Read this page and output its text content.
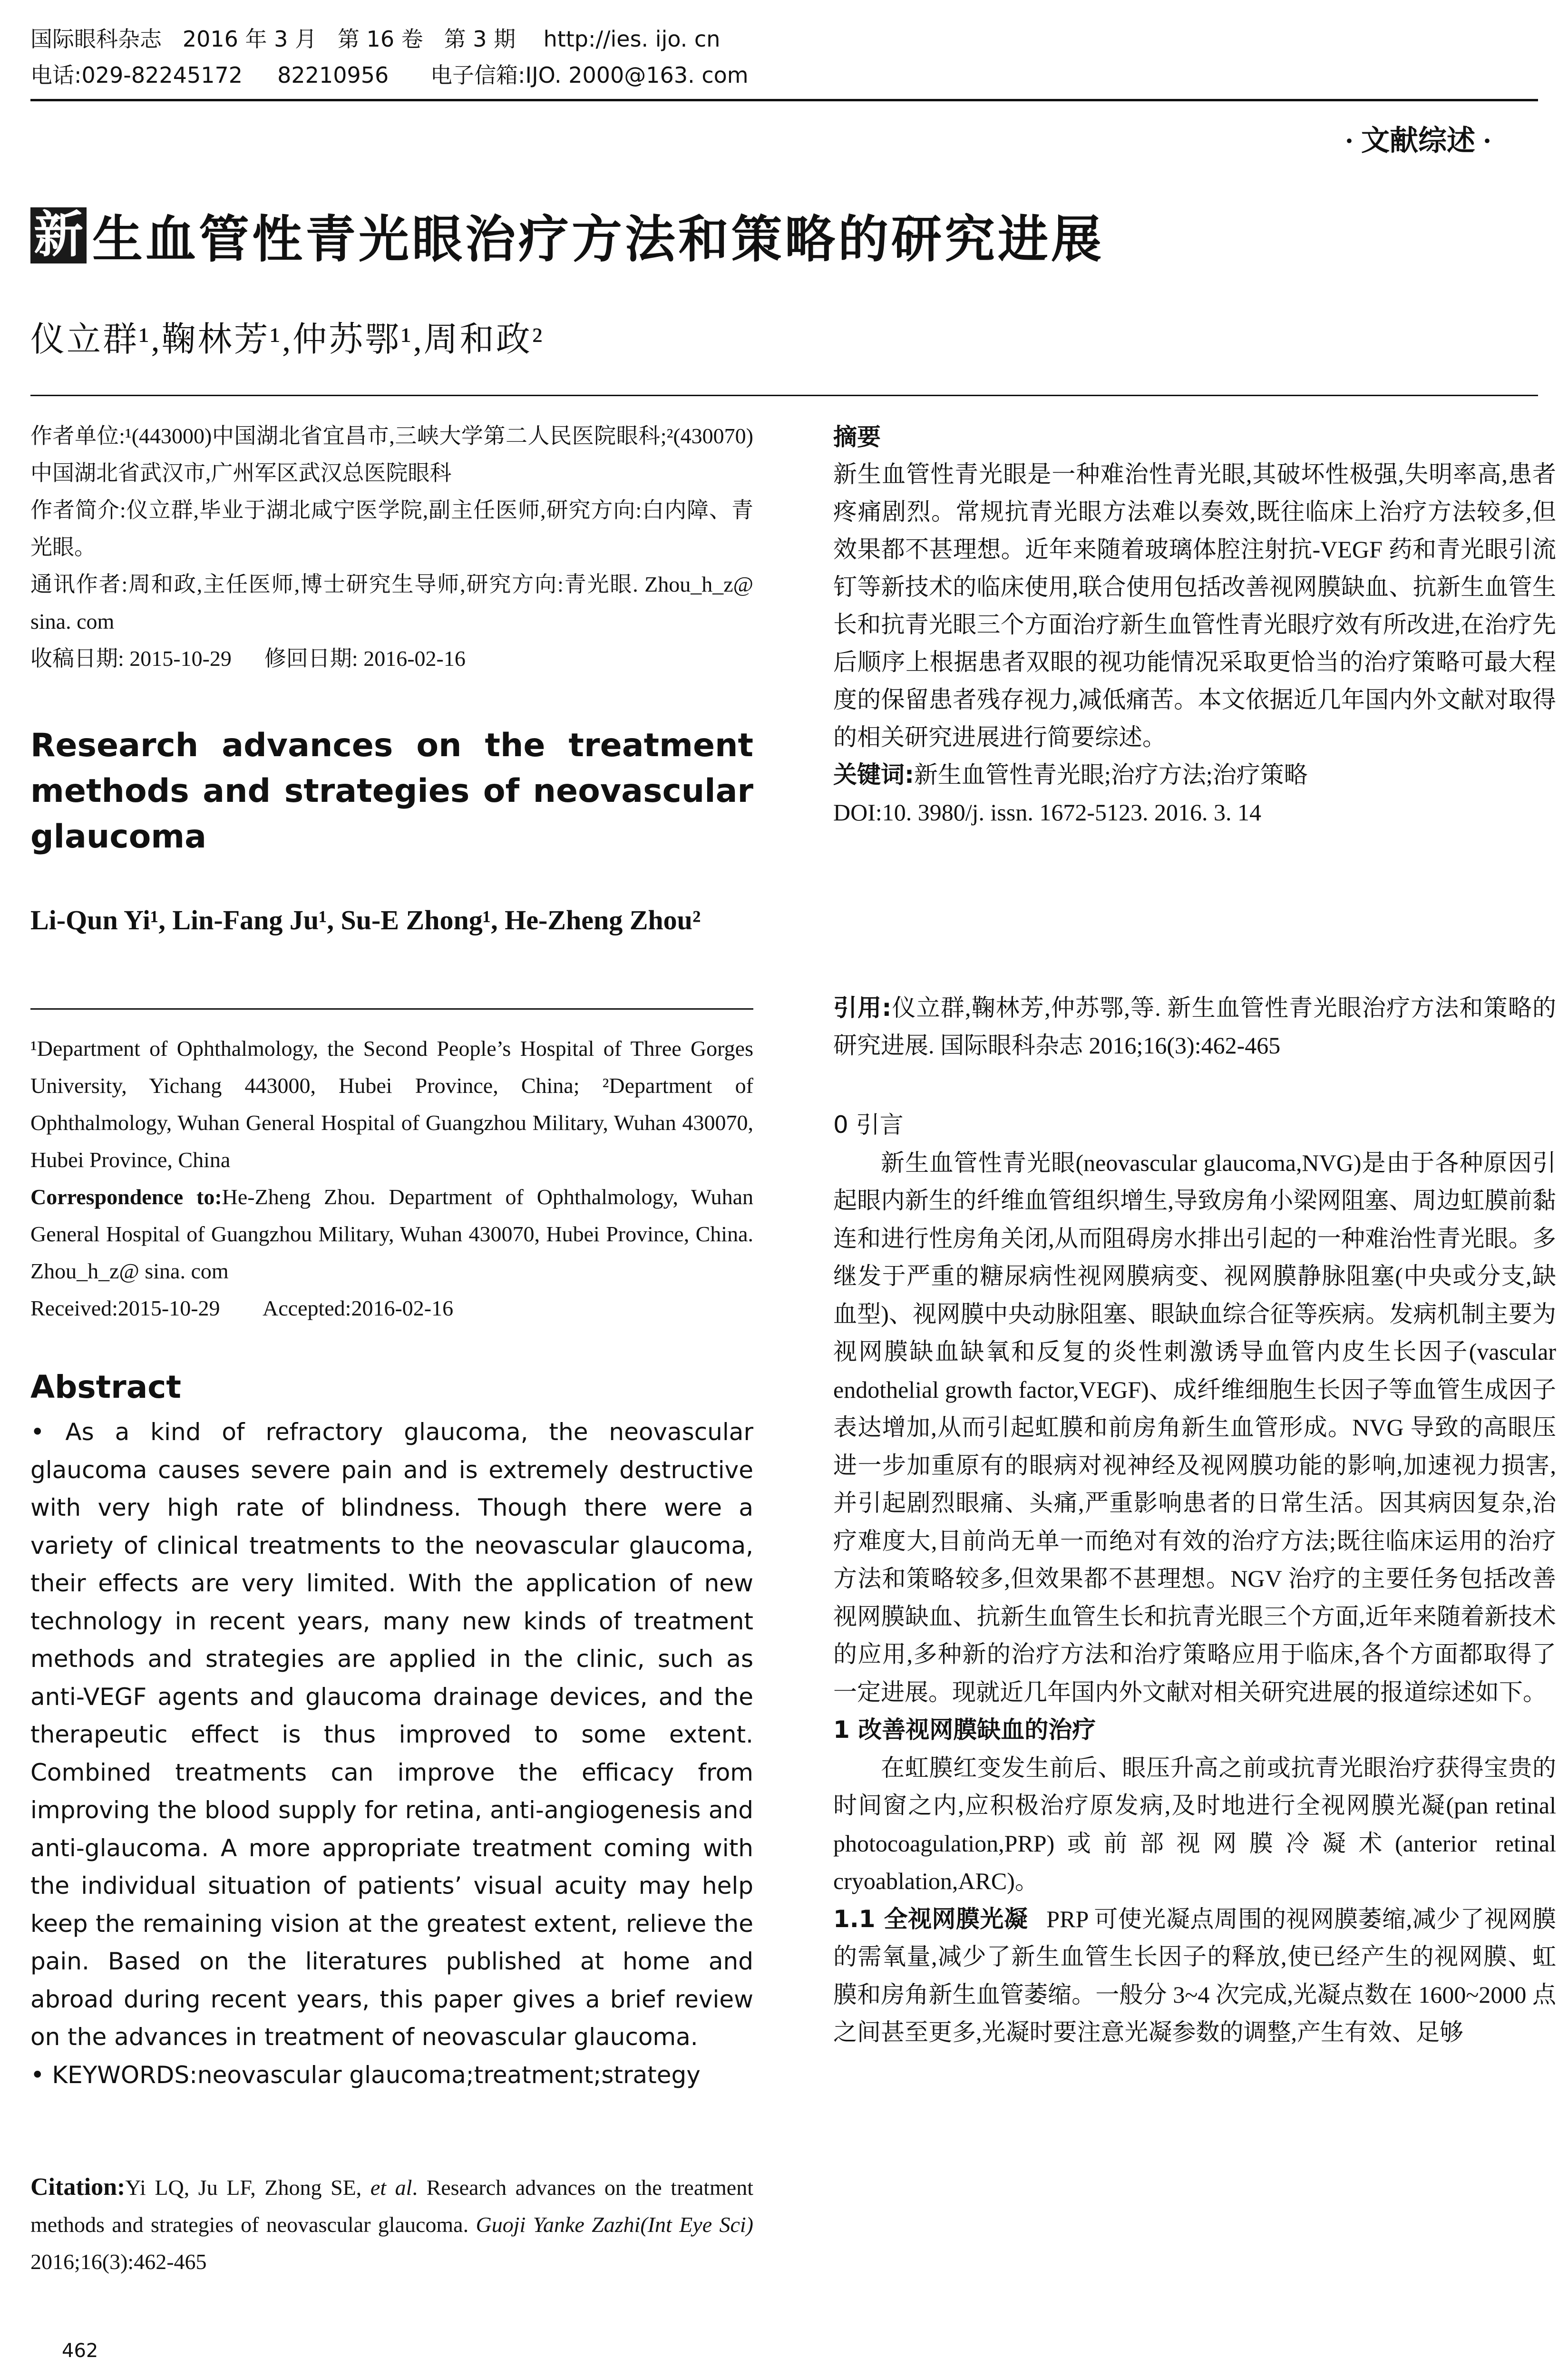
国际眼科杂志   2016 年 3 月   第 16 卷   第 3 期    http://ies. ijo. cn
电话:029-82245172     82210956      电子信箱:IJO. 2000@163. com
· 文献综述 ·
新 生血管性青光眼治疗方法和策略的研究进展
仪立群¹,鞠林芳¹,仲苏鄂¹,周和政²

作者单位:¹(443000)中国湖北省宜昌市,三峡大学第二人民医院眼科;²(430070)中国湖北省武汉市,广州军区武汉总医院眼科

作者简介:仪立群,毕业于湖北咸宁医学院,副主任医师,研究方向:白内障、青光眼。

通讯作者:周和政,主任医师,博士研究生导师,研究方向:青光眼. Zhou_h_z@ sina. com

收稿日期: 2015-10-29      修回日期: 2016-02-16

Research advances on the treatment methods and strategies of neovascular glaucoma
Li-Qun Yi¹, Lin-Fang Ju¹, Su-E Zhong¹, He-Zheng Zhou²
¹Department of Ophthalmology, the Second People’s Hospital of Three Gorges University, Yichang 443000, Hubei Province, China; ²Department of Ophthalmology, Wuhan General Hospital of Guangzhou Military, Wuhan 430070, Hubei Province, China
Correspondence to:He-Zheng Zhou. Department of Ophthalmology, Wuhan General Hospital of Guangzhou Military, Wuhan 430070, Hubei Province, China. Zhou_h_z@ sina. com
Received:2015-10-29        Accepted:2016-02-16
Abstract
• As a kind of refractory glaucoma, the neovascular glaucoma causes severe pain and is extremely destructive with very high rate of blindness. Though there were a variety of clinical treatments to the neovascular glaucoma, their effects are very limited. With the application of new technology in recent years, many new kinds of treatment methods and strategies are applied in the clinic, such as anti-VEGF agents and glaucoma drainage devices, and the therapeutic effect is thus improved to some extent. Combined treatments can improve the efficacy from improving the blood supply for retina, anti-angiogenesis and anti-glaucoma. A more appropriate treatment coming with the individual situation of patients’ visual acuity may help keep the remaining vision at the greatest extent, relieve the pain. Based on the literatures published at home and abroad during recent years, this paper gives a brief review on the advances in treatment of neovascular glaucoma.
• KEYWORDS:neovascular glaucoma;treatment;strategy
Citation:Yi LQ, Ju LF, Zhong SE, et al. Research advances on the treatment methods and strategies of neovascular glaucoma. Guoji Yanke Zazhi(Int Eye Sci) 2016;16(3):462-465
462

摘要

新生血管性青光眼是一种难治性青光眼,其破坏性极强,失明率高,患者疼痛剧烈。常规抗青光眼方法难以奏效,既往临床上治疗方法较多,但效果都不甚理想。近年来随着玻璃体腔注射抗-VEGF 药和青光眼引流钉等新技术的临床使用,联合使用包括改善视网膜缺血、抗新生血管生长和抗青光眼三个方面治疗新生血管性青光眼疗效有所改进,在治疗先后顺序上根据患者双眼的视功能情况采取更恰当的治疗策略可最大程度的保留患者残存视力,减低痛苦。本文依据近几年国内外文献对取得的相关研究进展进行简要综述。

关键词:新生血管性青光眼;治疗方法;治疗策略

DOI:10. 3980/j. issn. 1672-5123. 2016. 3. 14

引用:仪立群,鞠林芳,仲苏鄂,等. 新生血管性青光眼治疗方法和策略的研究进展. 国际眼科杂志 2016;16(3):462-465

0 引言

新生血管性青光眼(neovascular glaucoma,NVG)是由于各种原因引起眼内新生的纤维血管组织增生,导致房角小梁网阻塞、周边虹膜前黏连和进行性房角关闭,从而阻碍房水排出引起的一种难治性青光眼。多继发于严重的糖尿病性视网膜病变、视网膜静脉阻塞(中央或分支,缺血型)、视网膜中央动脉阻塞、眼缺血综合征等疾病。发病机制主要为视网膜缺血缺氧和反复的炎性刺激诱导血管内皮生长因子(vascular endothelial growth factor,VEGF)、成纤维细胞生长因子等血管生成因子表达增加,从而引起虹膜和前房角新生血管形成。NVG 导致的高眼压进一步加重原有的眼病对视神经及视网膜功能的影响,加速视力损害,并引起剧烈眼痛、头痛,严重影响患者的日常生活。因其病因复杂,治疗难度大,目前尚无单一而绝对有效的治疗方法;既往临床运用的治疗方法和策略较多,但效果都不甚理想。NGV 治疗的主要任务包括改善视网膜缺血、抗新生血管生长和抗青光眼三个方面,近年来随着新技术的应用,多种新的治疗方法和治疗策略应用于临床,各个方面都取得了一定进展。现就近几年国内外文献对相关研究进展的报道综述如下。

1 改善视网膜缺血的治疗

在虹膜红变发生前后、眼压升高之前或抗青光眼治疗获得宝贵的时间窗之内,应积极治疗原发病,及时地进行全视网膜光凝(pan retinal photocoagulation,PRP)或前部视网膜冷凝术(anterior retinal cryoablation,ARC)。

1.1 全视网膜光凝 PRP 可使光凝点周围的视网膜萎缩,减少了视网膜的需氧量,减少了新生血管生长因子的释放,使已经产生的视网膜、虹膜和房角新生血管萎缩。一般分 3~4 次完成,光凝点数在 1600~2000 点之间甚至更多,光凝时要注意光凝参数的调整,产生有效、足够
